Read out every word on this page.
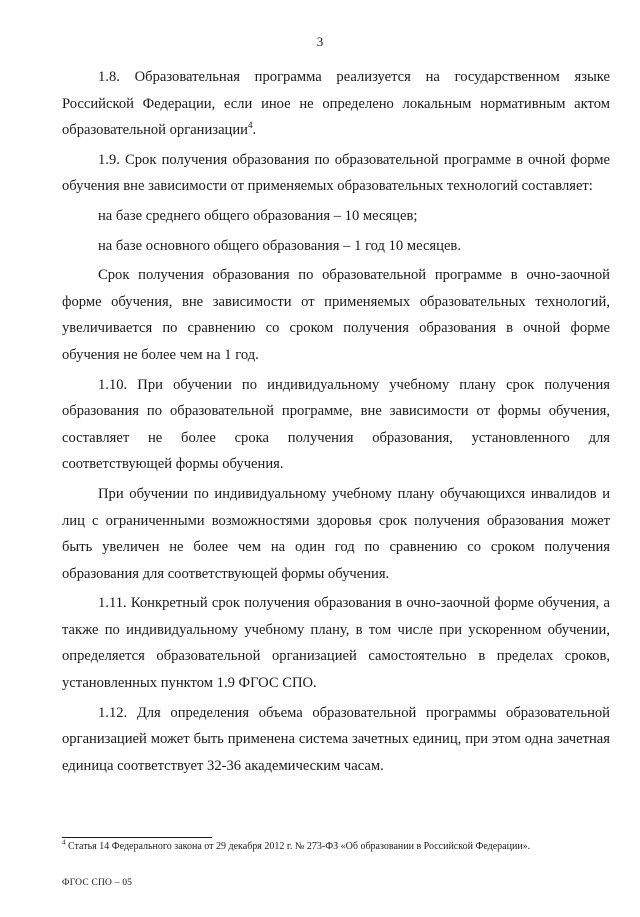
3

1.8. Образовательная программа реализуется на государственном языке Российской Федерации, если иное не определено локальным нормативным актом образовательной организации$^4$.

1.9. Срок получения образования по образовательной программе в очной форме обучения вне зависимости от применяемых образовательных технологий составляет:

на базе среднего общего образования – 10 месяцев;

на базе основного общего образования – 1 год 10 месяцев.

Срок получения образования по образовательной программе в очно-заочной форме обучения, вне зависимости от применяемых образовательных технологий, увеличивается по сравнению со сроком получения образования в очной форме обучения не более чем на 1 год.

1.10. При обучении по индивидуальному учебному плану срок получения образования по образовательной программе, вне зависимости от формы обучения, составляет не более срока получения образования, установленного для соответствующей формы обучения.

При обучении по индивидуальному учебному плану обучающихся инвалидов и лиц с ограниченными возможностями здоровья срок получения образования может быть увеличен не более чем на один год по сравнению со сроком получения образования для соответствующей формы обучения.

1.11. Конкретный срок получения образования в очно-заочной форме обучения, а также по индивидуальному учебному плану, в том числе при ускоренном обучении, определяется образовательной организацией самостоятельно в пределах сроков, установленных пунктом 1.9 ФГОС СПО.

1.12. Для определения объема образовательной программы образовательной организацией может быть применена система зачетных единиц, при этом одна зачетная единица соответствует 32-36 академическим часам.

$^4$ Статья 14 Федерального закона от 29 декабря 2012 г. № 273-ФЗ «Об образовании в Российской Федерации».
ФГОС СПО – 05
